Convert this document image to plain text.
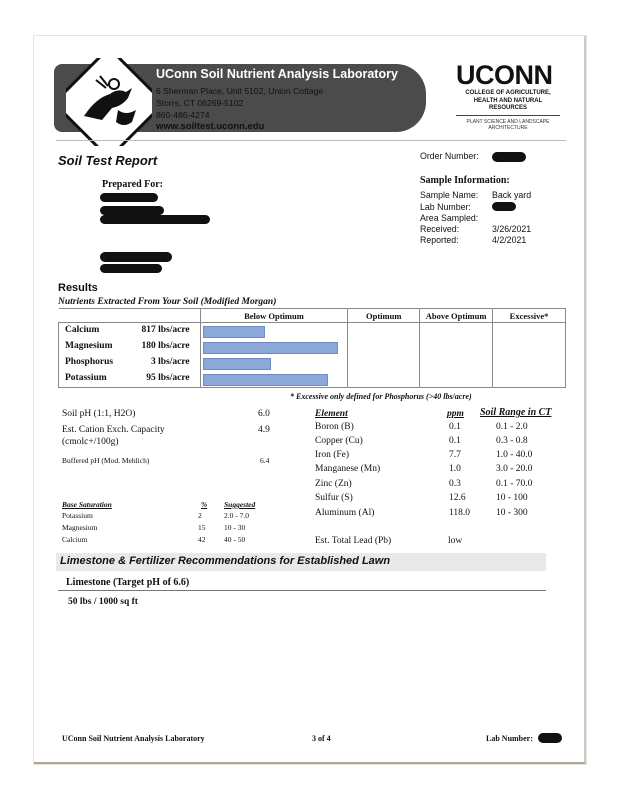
UConn Soil Nutrient Analysis Laboratory
6 Sherman Place, Unit 5102, Union Cottage
Storrs, CT 06269-5102
860-486-4274
www.soiltest.uconn.edu
UCONN
COLLEGE OF AGRICULTURE,
HEALTH AND NATURAL
RESOURCES
PLANT SCIENCE AND LANDSCAPE
ARCHITECTURE
Soil Test Report	Order Number:
Prepared For:	Sample Information:
Sample Name: Back yard
Lab Number:
Area Sampled:
Received:	3/26/2021
Reported:	4/2/2021
Results
Nutrients Extracted From Your Soil (Modified Morgan)
	Below Optimum	Optimum	Above Optimum	Excessive*

Calcium 817 lbs/acre				

Magnesium 180 lbs/acre				

Phosphorus 3 lbs/acre				

Potassium 95 lbs/acre				

* Excessive only defined for Phosphorus (>40 lbs/acre)
Soil pH (1:1, H2O)	6.0
Est. Cation Exch. Capacity
(cmolc+/100g)
4.9
Buffered pH (Mod. Mehlich)	6.4
Base Saturation	% Suggested
Potassium	2	2.0 - 7.0
Magnesium	15 10 - 30
Calcium	42 40 - 50
Element	ppm Soil Range in CT
Boron (B)	0.1	0.1 - 2.0
Copper (Cu)	0.1	0.3 - 0.8
Iron (Fe)	7.7	1.0 - 40.0
Manganese (Mn)	1.0	3.0 - 20.0
Zinc (Zn)	0.3	0.1 - 70.0
Sulfur (S)	12.6	10 - 100
Aluminum (Al)	118.0	10 - 300
Est. Total Lead (Pb)	low
Limestone & Fertilizer Recommendations for Established Lawn
Limestone (Target pH of 6.6)
50 lbs / 1000 sq ft
UConn Soil Nutrient Analysis Laboratory	3 of 4	Lab Number:
